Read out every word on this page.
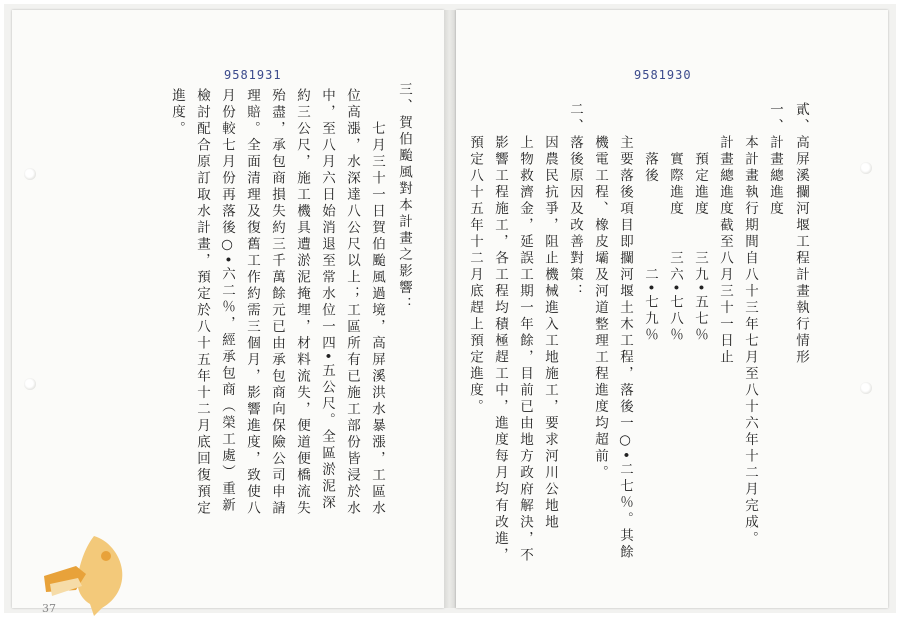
9581931
三、賀伯颱風對本計畫之影響：
　　七月三十一日賀伯颱風過境，高屏溪洪水暴漲，工區水
位高漲，水深達八公尺以上；工區所有已施工部份皆浸於水
中，至八月六日始消退至常水位一四•五公尺。全區淤泥深
約三公尺，施工機具遭淤泥掩埋，材料流失，便道便橋流失
殆盡，承包商損失約三千萬餘元已由承包商向保險公司申請
理賠。全面清理及復舊工作約需三個月，影響進度，致使八
月份較七月份再落後○•六二％，經承包商（榮工處）重新
檢討配合原訂取水計畫，預定於八十五年十二月底回復預定
進度。
37
9581930
貳、高屏溪攔河堰工程計畫執行情形
一、計畫總進度
　　本計畫執行期間自八十三年七月至八十六年十二月完成。
　　計畫總進度截至八月三十一日止
　　　預定進度　　三九•五七％
　　　實際進度　　三六•七八％
　　　落後　　　　　二•七九％
　　主要落後項目即攔河堰土木工程，落後一○•二七％。其餘
　　機電工程、橡皮壩及河道整理工程進度均超前。
二、落後原因及改善對策：
　　因農民抗爭，阻止機械進入工地施工，要求河川公地地
　　上物救濟金，延誤工期一年餘，目前已由地方政府解決，不
　　影響工程施工，各工程均積極趕工中，進度每月均有改進，
　　預定八十五年十二月底趕上預定進度。
